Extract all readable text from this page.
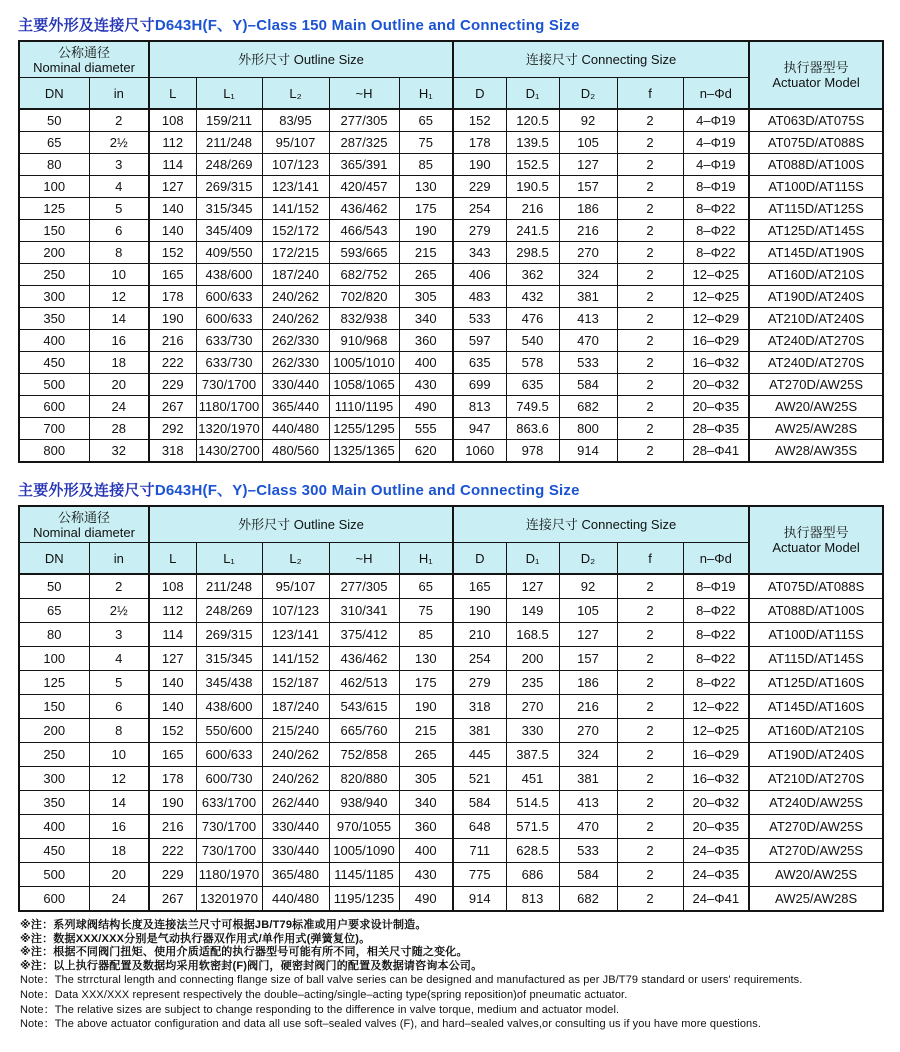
主要外形及连接尺寸D643H(F、Y)–Class 150 Main Outline and Connecting Size
公称通径
Nominal diameter	外形尺寸 Outline Size	连接尺寸 Connecting Size	
执行器型号
Actuator Model

DN	in	L	L₁	L₂	~H	H₁	D	D₁	D₂	f	n–Φd	
50	2	108	159/211	83/95	277/305	65	152	120.5	92	2	4–Φ19	AT063D/AT075S
65	2½	112	211/248	95/107	287/325	75	178	139.5	105	2	4–Φ19	AT075D/AT088S
80	3	114	248/269	107/123	365/391	85	190	152.5	127	2	4–Φ19	AT088D/AT100S
100	4	127	269/315	123/141	420/457	130	229	190.5	157	2	8–Φ19	AT100D/AT115S
125	5	140	315/345	141/152	436/462	175	254	216	186	2	8–Φ22	AT115D/AT125S
150	6	140	345/409	152/172	466/543	190	279	241.5	216	2	8–Φ22	AT125D/AT145S
200	8	152	409/550	172/215	593/665	215	343	298.5	270	2	8–Φ22	AT145D/AT190S
250	10	165	438/600	187/240	682/752	265	406	362	324	2	12–Φ25	AT160D/AT210S
300	12	178	600/633	240/262	702/820	305	483	432	381	2	12–Φ25	AT190D/AT240S
350	14	190	600/633	240/262	832/938	340	533	476	413	2	12–Φ29	AT210D/AT240S
400	16	216	633/730	262/330	910/968	360	597	540	470	2	16–Φ29	AT240D/AT270S
450	18	222	633/730	262/330	1005/1010	400	635	578	533	2	16–Φ32	AT240D/AT270S
500	20	229	730/1700	330/440	1058/1065	430	699	635	584	2	20–Φ32	AT270D/AW25S
600	24	267	1180/1700	365/440	1110/1195	490	813	749.5	682	2	20–Φ35	AW20/AW25S
700	28	292	1320/1970	440/480	1255/1295	555	947	863.6	800	2	28–Φ35	AW25/AW28S
800	32	318	1430/2700	480/560	1325/1365	620	1060	978	914	2	28–Φ41	AW28/AW35S
主要外形及连接尺寸D643H(F、Y)–Class 300 Main Outline and Connecting Size
公称通径
Nominal diameter	外形尺寸 Outline Size	连接尺寸 Connecting Size	
执行器型号
Actuator Model

DN	in	L	L₁	L₂	~H	H₁	D	D₁	D₂	f	n–Φd	
50	2	108	211/248	95/107	277/305	65	165	127	92	2	8–Φ19	AT075D/AT088S
65	2½	112	248/269	107/123	310/341	75	190	149	105	2	8–Φ22	AT088D/AT100S
80	3	114	269/315	123/141	375/412	85	210	168.5	127	2	8–Φ22	AT100D/AT115S
100	4	127	315/345	141/152	436/462	130	254	200	157	2	8–Φ22	AT115D/AT145S
125	5	140	345/438	152/187	462/513	175	279	235	186	2	8–Φ22	AT125D/AT160S
150	6	140	438/600	187/240	543/615	190	318	270	216	2	12–Φ22	AT145D/AT160S
200	8	152	550/600	215/240	665/760	215	381	330	270	2	12–Φ25	AT160D/AT210S
250	10	165	600/633	240/262	752/858	265	445	387.5	324	2	16–Φ29	AT190D/AT240S
300	12	178	600/730	240/262	820/880	305	521	451	381	2	16–Φ32	AT210D/AT270S
350	14	190	633/1700	262/440	938/940	340	584	514.5	413	2	20–Φ32	AT240D/AW25S
400	16	216	730/1700	330/440	970/1055	360	648	571.5	470	2	20–Φ35	AT270D/AW25S
450	18	222	730/1700	330/440	1005/1090	400	711	628.5	533	2	24–Φ35	AT270D/AW25S
500	20	229	1180/1970	365/480	1145/1185	430	775	686	584	2	24–Φ35	AW20/AW25S
600	24	267	13201970	440/480	1195/1235	490	914	813	682	2	24–Φ41	AW25/AW28S
※注：系列球阀结构长度及连接法兰尺寸可根据JB/T79标准或用户要求设计制造。
※注：数据XXX/XXX分别是气动执行器双作用式/单作用式(弹簧复位)。
※注：根据不同阀门扭矩、使用介质适配的执行器型号可能有所不同，相关尺寸随之变化。
※注：以上执行器配置及数据均采用软密封(F)阀门，硬密封阀门的配置及数据请咨询本公司。
Note：The strrctural length and connecting flange size of ball valve series can be designed and manufactured as per JB/T79 standard or users' requirements.
Note：Data XXX/XXX represent respectively the double–acting/single–acting type(spring reposition)of pneumatic actuator.
Note：The relative sizes are subject to change responding to the difference in valve torque, medium and actuator model.
Note：The above actuator configuration and data all use soft–sealed valves (F), and hard–sealed valves,or consulting us if you have more questions.
